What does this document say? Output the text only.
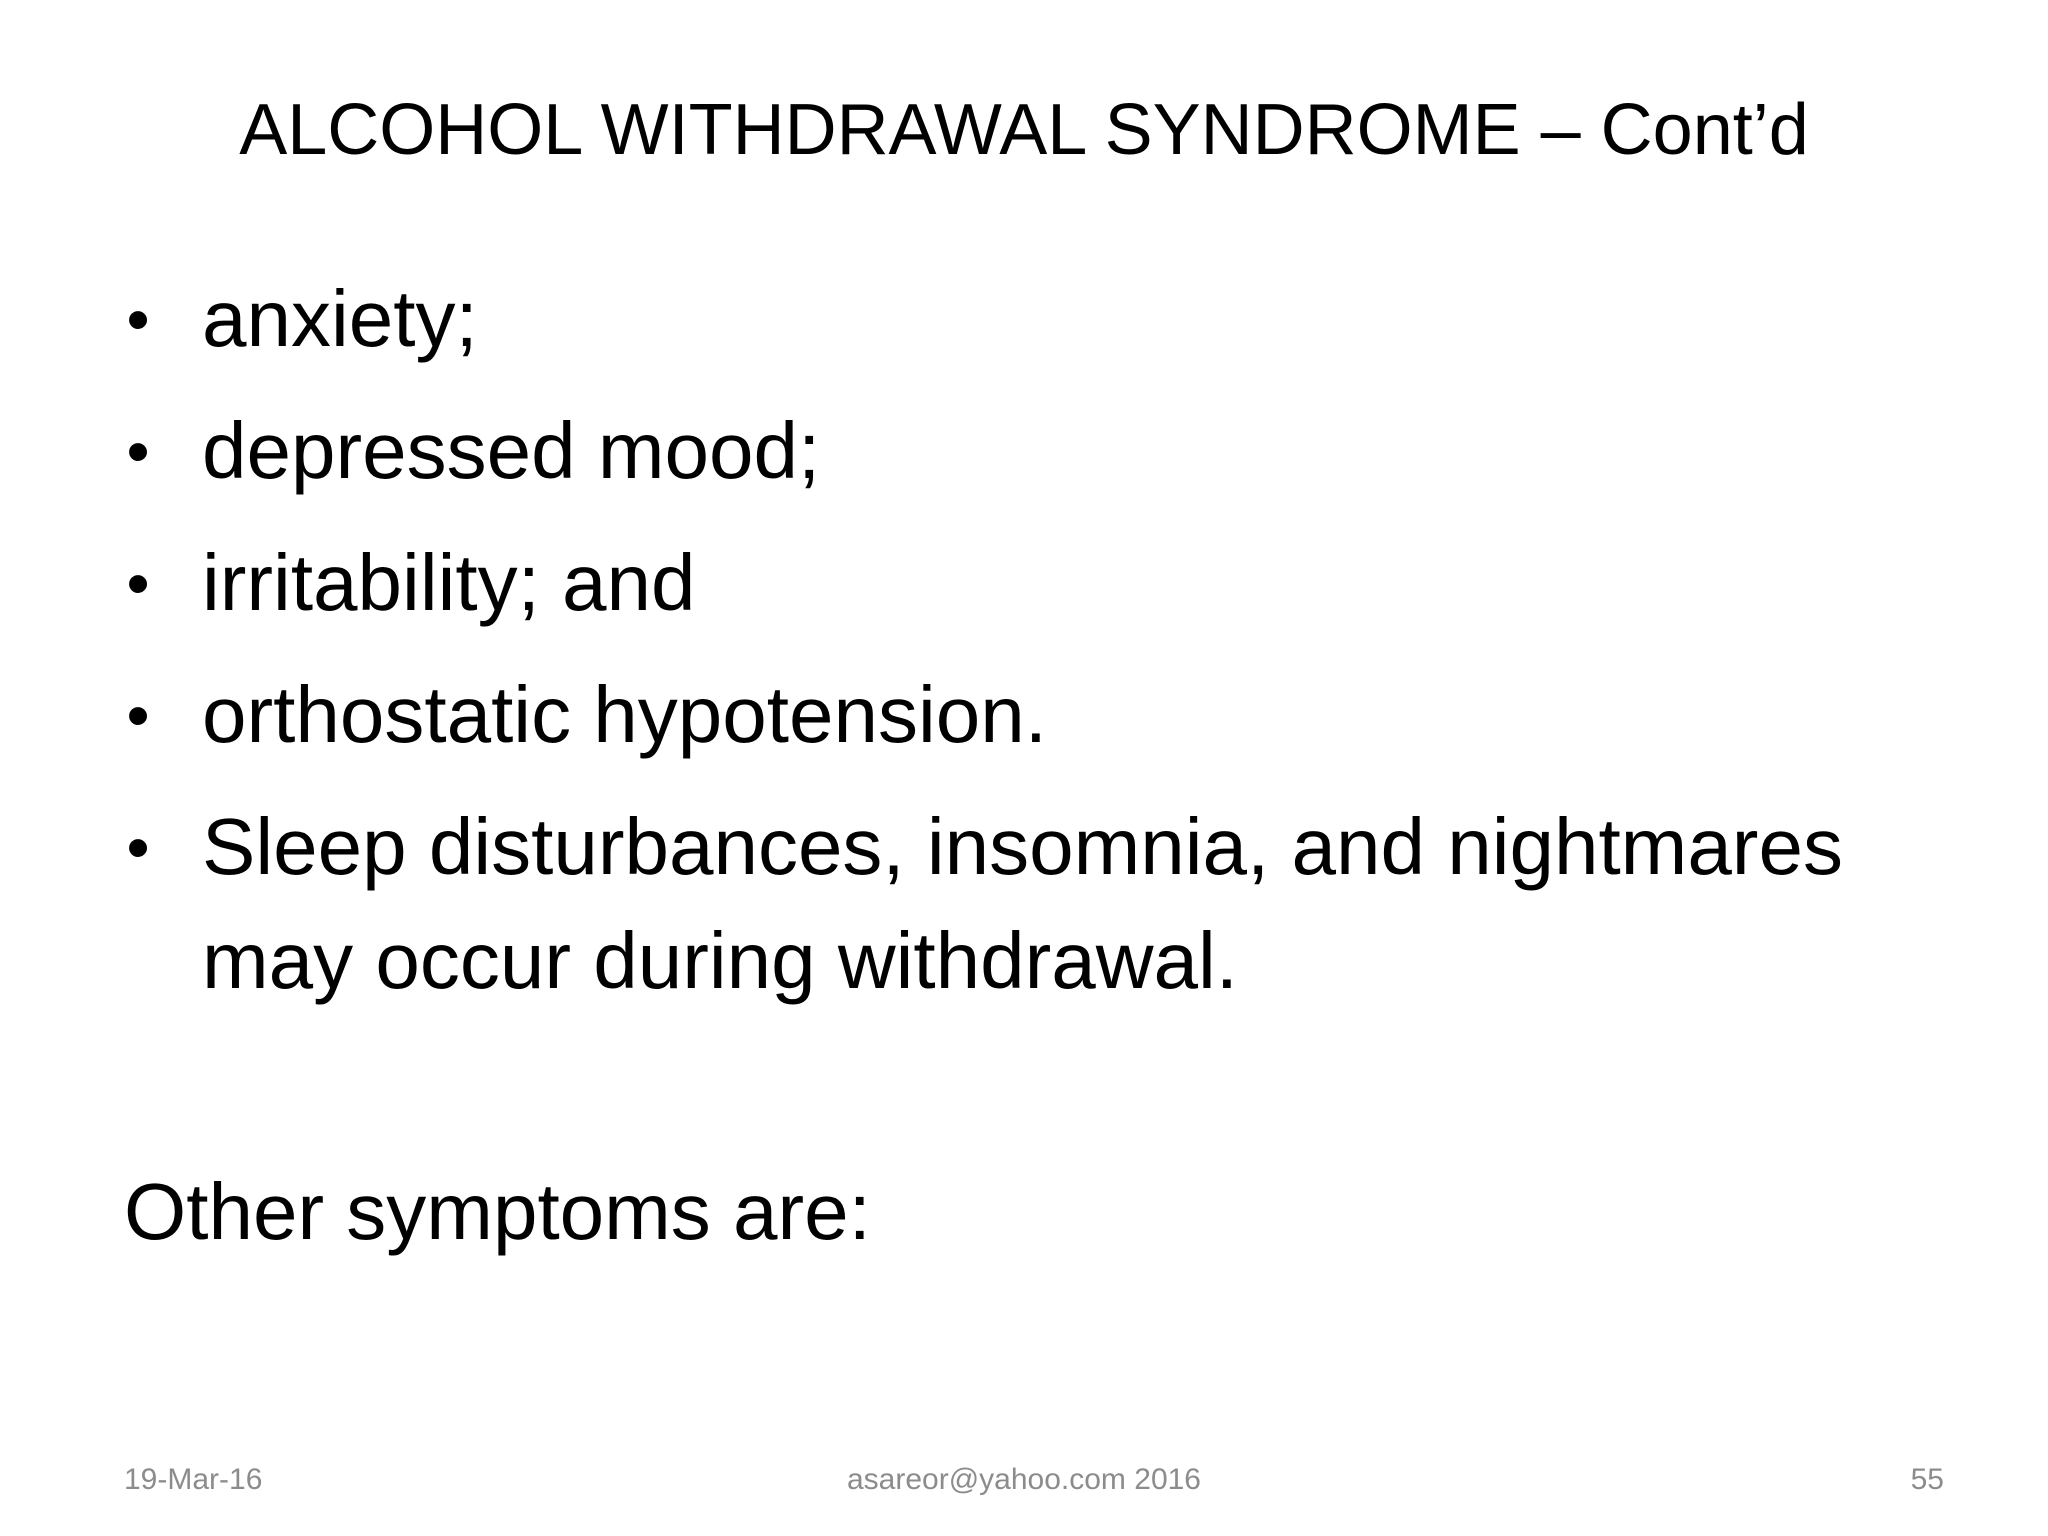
ALCOHOL WITHDRAWAL SYNDROME – Cont’d
• anxiety;
• depressed mood;
• irritability; and
• orthostatic hypotension.
• Sleep disturbances, insomnia, and nightmares may occur during withdrawal.
Other symptoms are:
19-Mar-16	asareor@yahoo.com 2016	55
